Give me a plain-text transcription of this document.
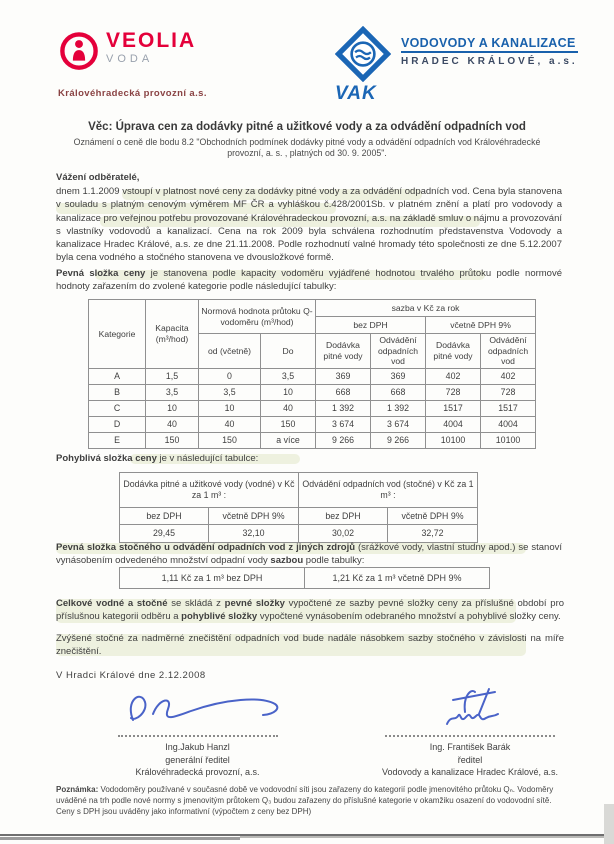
VEOLIA
VODA
Královéhradecká provozní a.s.	VAK
VODOVODY A KANALIZACE
HRADEC KRÁLOVÉ, a.s.
Věc: Úprava cen za dodávky pitné a užitkové vody a za odvádění odpadních vod
Oznámení o ceně dle bodu 8.2 "Obchodních podmínek dodávky pitné vody a odvádění odpadních vod Královéhradecké provozní, a. s. , platných od 30. 9. 2005".
Vážení odběratelé,

dnem 1.1.2009 vstoupí v platnost nové ceny za dodávky pitné vody a za odvádění odpadních vod. Cena byla stanovena v souladu s platným cenovým výměrem MF ČR a vyhláškou č.428/2001Sb. v platném znění a platí pro vodovody a kanalizace pro veřejnou potřebu provozované Královéhradeckou provozní, a.s. na základě smluv o nájmu a provozování s vlastníky vodovodů a kanalizací. Cena na rok 2009 byla schválena rozhodnutím představenstva Vodovody a kanalizace Hradec Králové, a.s. ze dne 21.11.2008. Podle rozhodnutí valné hromady této společnosti ze dne 5.12.2007 byla cena vodného a stočného stanovena ve dvousložkové formě.

Pevná složka ceny je stanovena podle kapacity vodoměru vyjádřené hodnotou trvalého průtoku podle normové hodnoty zařazením do zvolené kategorie podle následující tabulky:

Kategorie	Kapacita (m³/hod)	Normová hodnota průtoku Q- vodoměru (m³/hod)		sazba v Kč za rok			
				bez DPH		včetně DPH 9%	
				Dodávka pitné vody	Odvádění odpadních vod	Dodávka pitné vody	Odvádění odpadních vod
		od (včetně)	Do				
A	1,5	0	3,5	369	369	402	402
B	3,5	3,5	10	668	668	728	728
C	10	10	40	1 392	1 392	1517	1517
D	40	40	150	3 674	3 674	4004	4004
E	150	150	a více	9 266	9 266	10100	10100

Pohyblivá složka ceny je v následující tabulce:

Dodávka pitné a užitkové vody (vodné) v Kč za 1 m³ :		Odvádění odpadních vod (stočné) v Kč za 1 m³ :	
bez DPH	včetně DPH 9%	bez DPH	včetně DPH 9%
29,45	32,10	30,02	32,72

Pevná složka stočného u odvádění odpadních vod z jiných zdrojů (srážkové vody, vlastní studny apod.) se stanoví vynásobením odvedeného množství odpadní vody sazbou podle tabulky:

1,11 Kč za 1 m³ bez DPH	1,21 Kč za 1 m³ včetně DPH 9%

Celkové vodné a stočné se skládá z pevné složky vypočtené ze sazby pevné složky ceny za příslušné období pro příslušnou kategorii odběru a pohyblivé složky vypočtené vynásobením odebraného množství a pohyblivé složky ceny.

Zvýšené stočné za nadměrné znečištění odpadních vod bude nadále násobkem sazby stočného v závislosti na míře znečištění.

V Hradci Králové dne 2.12.2008
Ing.Jakub Hanzl
generální ředitel
Královéhradecká provozní, a.s.
Ing. František Barák
ředitel
Vodovody a kanalizace Hradec Králové, a.s.

Poznámka: Vododoměry používané v současné době ve vodovodní síti jsou zařazeny do kategorií podle jmenovitého průtoku Qₙ. Vodoměry uváděné na trh podle nové normy s jmenovitým průtokem Q₃ budou zařazeny do příslušné kategorie v okamžiku osazení do vodovodní sítě. Ceny s DPH jsou uváděny jako informativní (výpočtem z ceny bez DPH)
